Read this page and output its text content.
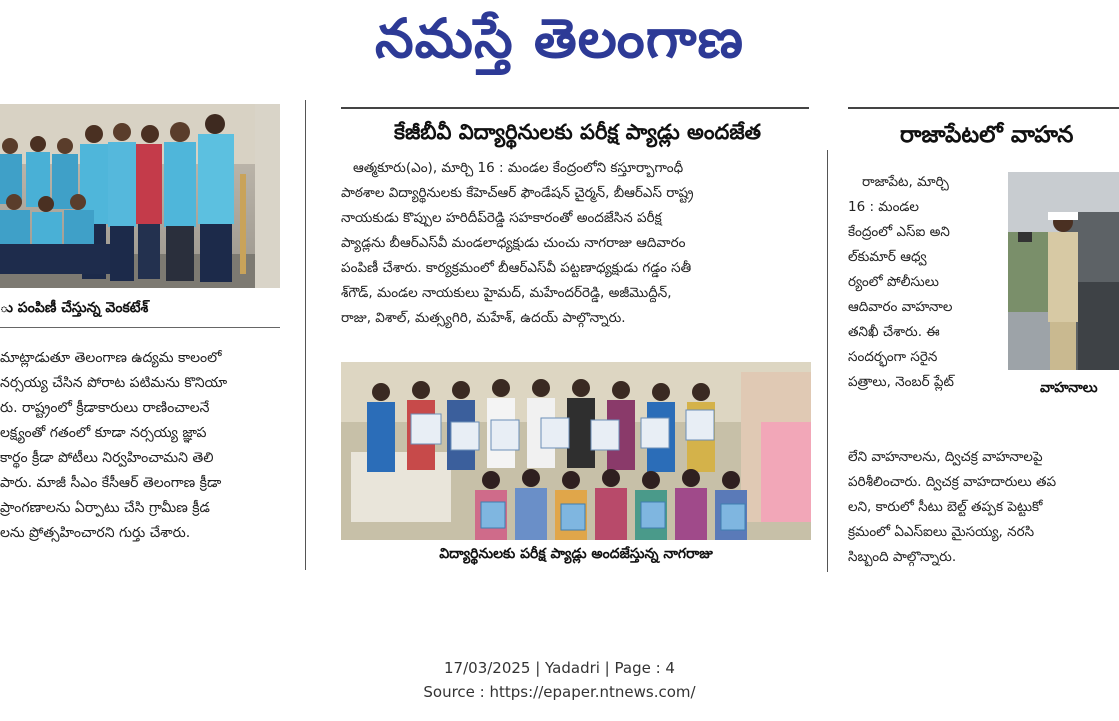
నమస్తే తెలంగాణ
ు పంపిణీ చేస్తున్న వెంకటేశ్
మాట్లాడుతూ తెలంగాణ ఉద్యమ కాలంలో
నర్సయ్య చేసిన పోరాట పటిమను కొనియా
రు. రాష్ట్రంలో క్రీడాకారులు రాణించాలనే
లక్ష్యంతో గతంలో కూడా నర్సయ్య జ్ఞాప
కార్థం క్రీడా పోటీలు నిర్వహించామని తెలి
పారు. మాజీ సీఎం కేసీఆర్ తెలంగాణ క్రీడా
ప్రాంగణాలను ఏర్పాటు చేసి గ్రామీణ క్రీడ
లను ప్రోత్సహించారని గుర్తు చేశారు.
కేజీబీవీ విద్యార్థినులకు పరీక్ష ప్యాడ్లు అందజేత
ఆత్మకూరు(ఎం), మార్చి 16 : మండల కేంద్రంలోని కస్తూర్బాగాంధీ
పాఠశాల విద్యార్థినులకు కేహెచ్ఆర్ ఫౌండేషన్ చైర్మన్, బీఆర్ఎస్ రాష్ట్ర
నాయకుడు కొప్పుల హరిదీప్‌రెడ్డి సహకారంతో అందజేసిన పరీక్ష
ప్యాడ్లను బీఆర్ఎస్‌వీ మండలాధ్యక్షుడు చుంచు నాగరాజు ఆదివారం
పంపిణీ చేశారు. కార్యక్రమంలో బీఆర్ఎస్‌వీ పట్టణాధ్యక్షుడు గడ్డం సతీ
శ్‌గౌడ్, మండల నాయకులు హైమద్, మహేందర్‌రెడ్డి, అజీమొద్దీన్,
రాజు, విశాల్, మత్స్యగిరి, మహేశ్, ఉదయ్ పాల్గొన్నారు.
విద్యార్థినులకు పరీక్ష ప్యాడ్లు అందజేస్తున్న నాగరాజు
రాజాపేటలో వాహన
రాజాపేట, మార్చి
16 : మండల
కేంద్రంలో ఎస్ఐ అని
ల్‌కుమార్ ఆధ్వ
ర్యంలో పోలీసులు
ఆదివారం వాహనాల
తనిఖీ చేశారు. ఈ
సందర్భంగా సరైన
పత్రాలు, నెంబర్ ప్లేట్	వాహనాలు
లేని వాహనాలను, ద్విచక్ర వాహనాలపై
పరిశీలించారు. ద్విచక్ర వాహదారులు తప
లని, కారులో సీటు బెల్ట్ తప్పక పెట్టుకో
క్రమంలో ఏఎస్ఐలు మైసయ్య, నరసి
సిబ్బంది పాల్గొన్నారు.
17/03/2025 | Yadadri | Page : 4
Source : https://epaper.ntnews.com/
